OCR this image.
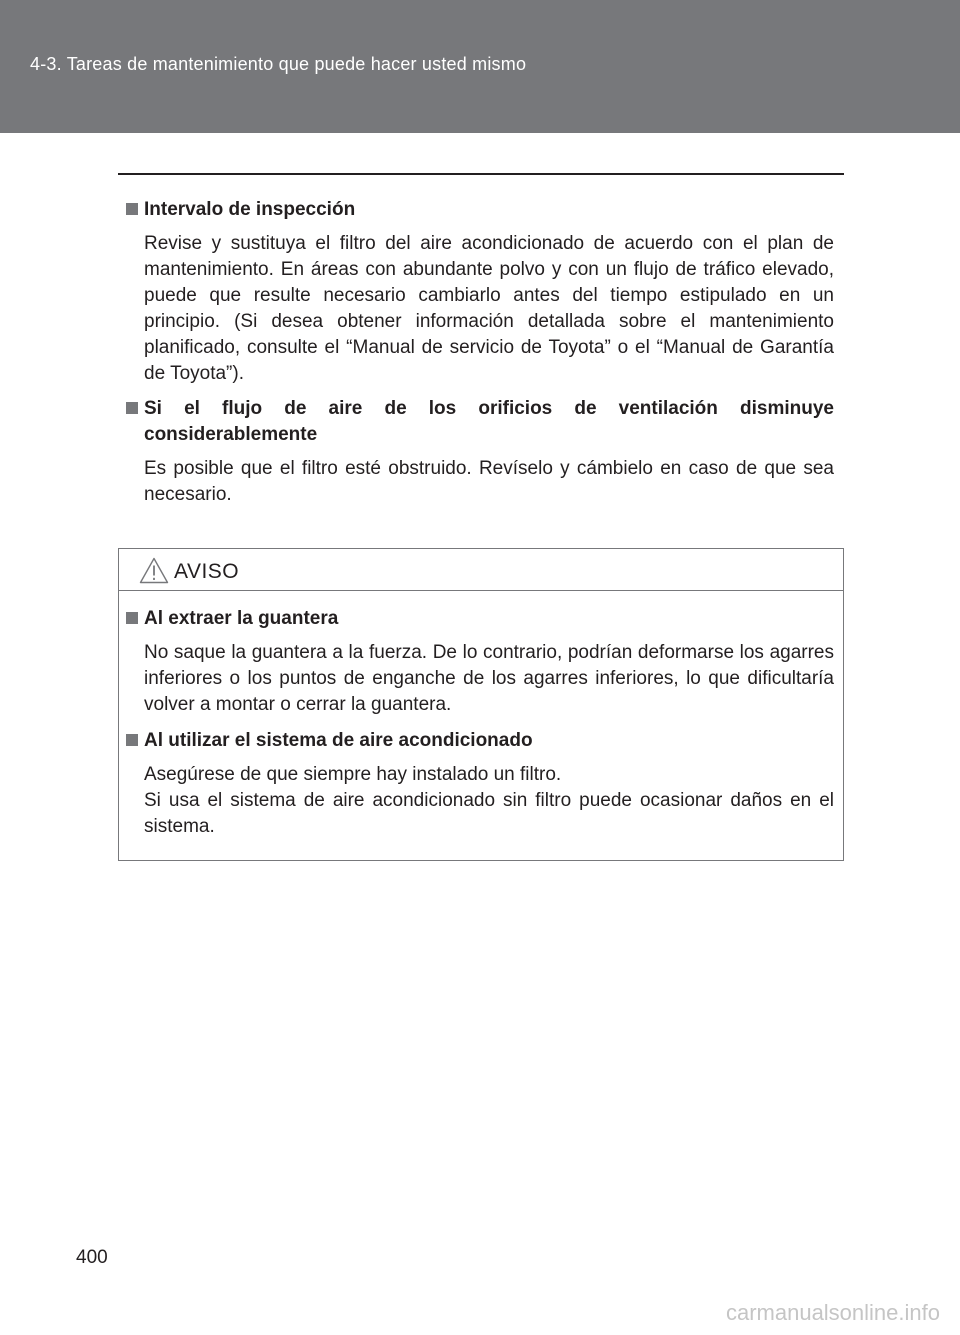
4-3. Tareas de mantenimiento que puede hacer usted mismo
Intervalo de inspección
Revise y sustituya el filtro del aire acondicionado de acuerdo con el plan de mantenimiento. En áreas con abundante polvo y con un flujo de tráfico elevado, puede que resulte necesario cambiarlo antes del tiempo estipulado en un principio. (Si desea obtener información detallada sobre el mantenimiento planificado, consulte el “Manual de servicio de Toyota” o el “Manual de Garantía de Toyota”).
Si el flujo de aire de los orificios de ventilación disminuye
considerablemente
Es posible que el filtro esté obstruido. Revíselo y cámbielo en caso de que sea necesario.
AVISO
Al extraer la guantera
No saque la guantera a la fuerza. De lo contrario, podrían deformarse los agarres inferiores o los puntos de enganche de los agarres inferiores, lo que dificultaría volver a montar o cerrar la guantera.
Al utilizar el sistema de aire acondicionado
Asegúrese de que siempre hay instalado un filtro.
Si usa el sistema de aire acondicionado sin filtro puede ocasionar daños en el sistema.
400
carmanualsonline.info
